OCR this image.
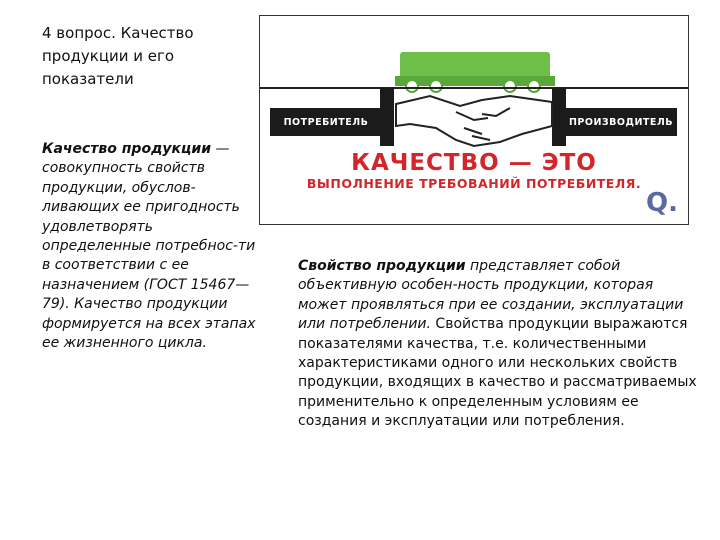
4 вопрос. Качество продукции и его показатели
Качество продукции — совокупность свойств продукции, обуслов-ливающих ее пригодность удовлетворять определенные потребнос-ти в соответствии с ее назначением (ГОСТ 15467—79). Качество продукции формируется на всех этапах ее жизненного цикла.
ПОТРЕБИТЕЛЬ	ПРОИЗВОДИТЕЛЬ
КАЧЕСТВО — ЭТО
ВЫПОЛНЕНИЕ ТРЕБОВАНИЙ ПОТРЕБИТЕЛЯ.
Q.
Свойство продукции представляет собой объективную особен-ность продукции, которая может проявляться при ее создании, эксплуатации или потреблении. Свойства продукции выражаются показателями качества, т.е. количественными характеристиками одного или нескольких свойств продукции, входящих в качество и рассматриваемых применительно к определенным условиям ее создания и эксплуатации или потребления.
